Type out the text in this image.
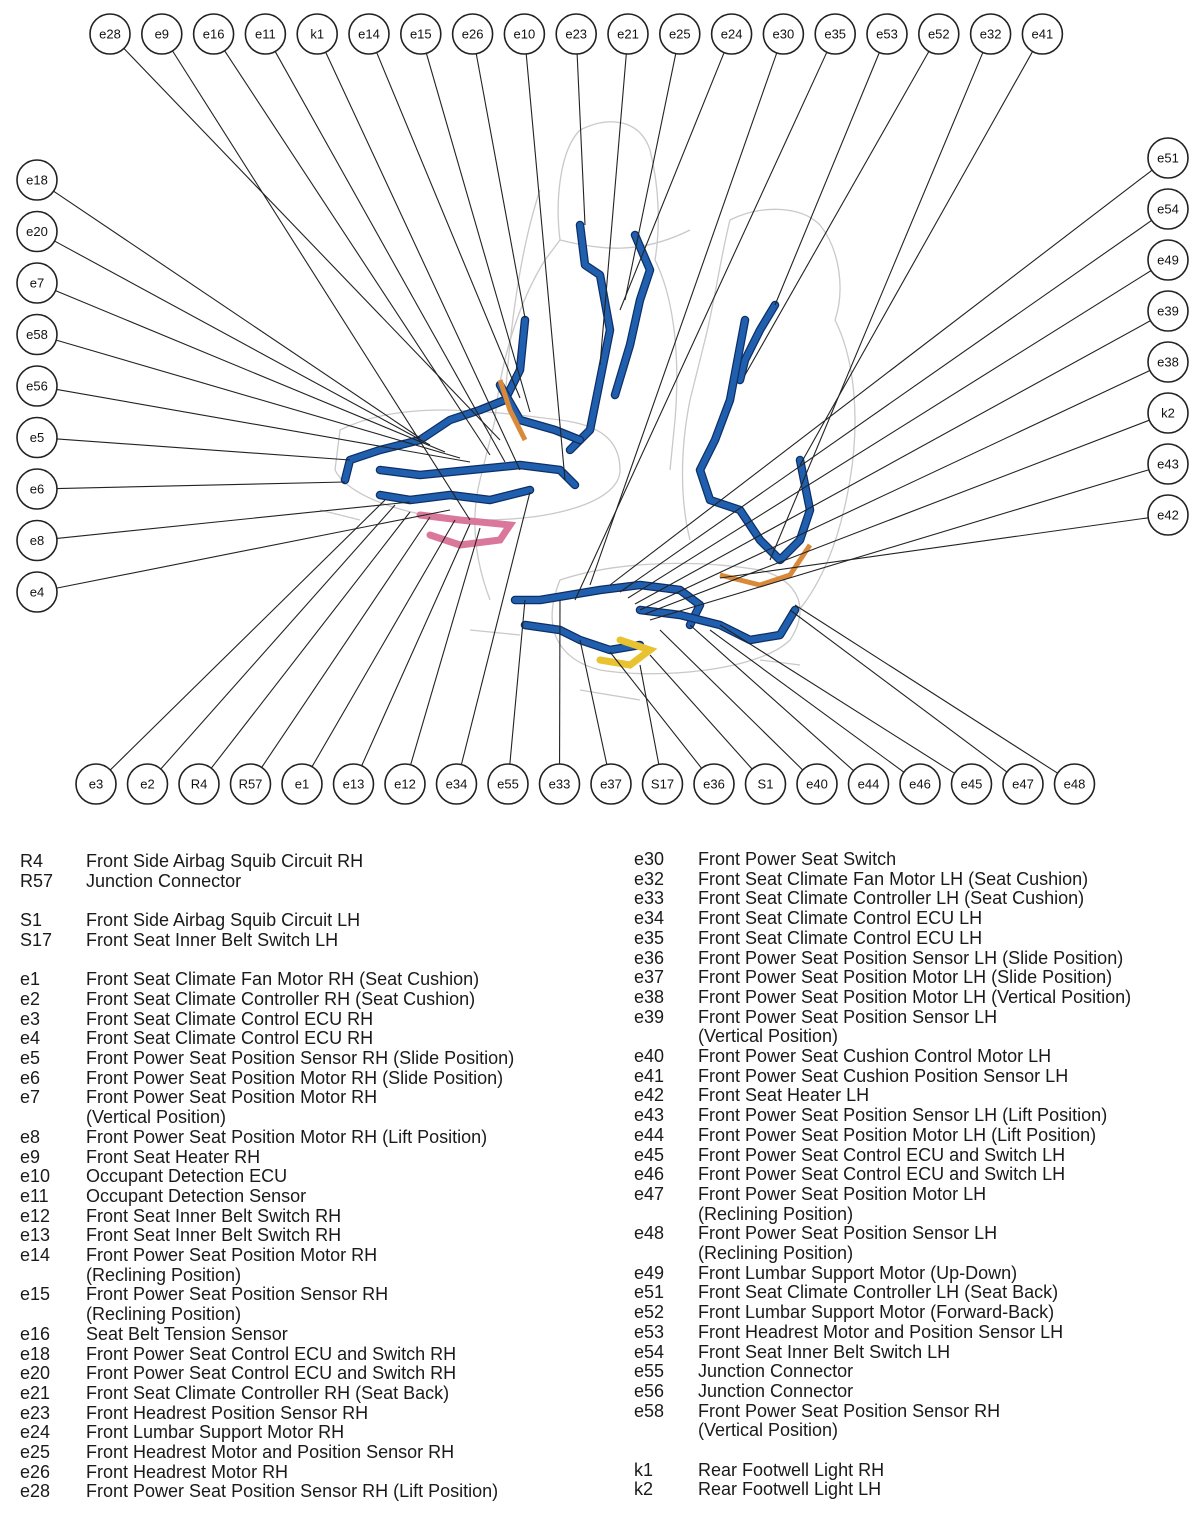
e28	e9	e16 e11	k1	e14 e15 e26 e10 e23 e21 e25 e24 e30 e35 e53 e52 e32 e41
e18
e20
e7
e58
e56
e5
e6
e8
e4
e51
e54
e49
e39
e38
k2
e43
e42
e3	e2	R4 R57 e1	e13 e12 e34 e55 e33 e37 S17 e36	S1	e40 e44 e46 e45 e47 e48
R4	Front Side Airbag Squib Circuit RH
R57	Junction Connector
S1	Front Side Airbag Squib Circuit LH
S17	Front Seat Inner Belt Switch LH
e1	Front Seat Climate Fan Motor RH (Seat Cushion)
e2	Front Seat Climate Controller RH (Seat Cushion)
e3	Front Seat Climate Control ECU RH
e4	Front Seat Climate Control ECU RH
e5	Front Power Seat Position Sensor RH (Slide Position)
e6	Front Power Seat Position Motor RH (Slide Position)
e7	Front Power Seat Position Motor RH
(Vertical Position)
e8	Front Power Seat Position Motor RH (Lift Position)
e9	Front Seat Heater RH
e10	Occupant Detection ECU
e11	Occupant Detection Sensor
e12	Front Seat Inner Belt Switch RH
e13	Front Seat Inner Belt Switch RH
e14	Front Power Seat Position Motor RH
(Reclining Position)
e15	Front Power Seat Position Sensor RH
(Reclining Position)
e16	Seat Belt Tension Sensor
e18	Front Power Seat Control ECU and Switch RH
e20	Front Power Seat Control ECU and Switch RH
e21	Front Seat Climate Controller RH (Seat Back)
e23	Front Headrest Position Sensor RH
e24	Front Lumbar Support Motor RH
e25	Front Headrest Motor and Position Sensor RH
e26	Front Headrest Motor RH
e28	Front Power Seat Position Sensor RH (Lift Position)
e30	Front Power Seat Switch
e32	Front Seat Climate Fan Motor LH (Seat Cushion)
e33	Front Seat Climate Controller LH (Seat Cushion)
e34	Front Seat Climate Control ECU LH
e35	Front Seat Climate Control ECU LH
e36	Front Power Seat Position Sensor LH (Slide Position)
e37	Front Power Seat Position Motor LH (Slide Position)
e38	Front Power Seat Position Motor LH (Vertical Position)
e39	Front Power Seat Position Sensor LH
(Vertical Position)
e40	Front Power Seat Cushion Control Motor LH
e41	Front Power Seat Cushion Position Sensor LH
e42	Front Seat Heater LH
e43	Front Power Seat Position Sensor LH (Lift Position)
e44	Front Power Seat Position Motor LH (Lift Position)
e45	Front Power Seat Control ECU and Switch LH
e46	Front Power Seat Control ECU and Switch LH
e47	Front Power Seat Position Motor LH
(Reclining Position)
e48	Front Power Seat Position Sensor LH
(Reclining Position)
e49	Front Lumbar Support Motor (Up-Down)
e51	Front Seat Climate Controller LH (Seat Back)
e52	Front Lumbar Support Motor (Forward-Back)
e53	Front Headrest Motor and Position Sensor LH
e54	Front Seat Inner Belt Switch LH
e55	Junction Connector
e56	Junction Connector
e58	Front Power Seat Position Sensor RH
(Vertical Position)
k1	Rear Footwell Light RH
k2	Rear Footwell Light LH
